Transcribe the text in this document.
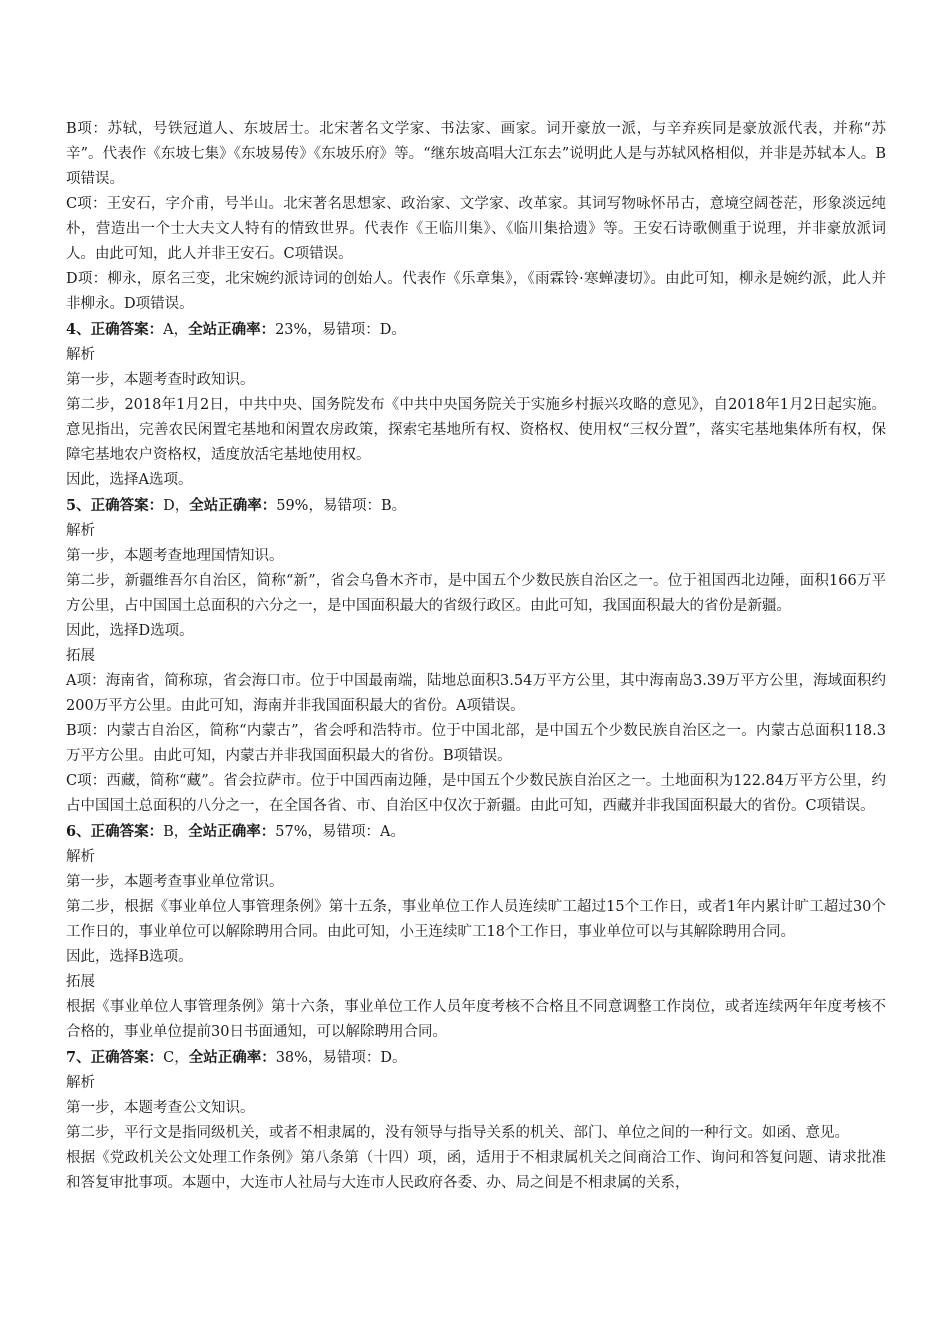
B项：苏轼，号铁冠道人、东坡居士。北宋著名文学家、书法家、画家。词开豪放一派，与辛弃疾同是豪放派代表，并称“苏辛”。代表作《东坡七集》《东坡易传》《东坡乐府》等。“继东坡高唱大江东去”说明此人是与苏轼风格相似，并非是苏轼本人。B项错误。

C项：王安石，字介甫，号半山。北宋著名思想家、政治家、文学家、改革家。其词写物咏怀吊古，意境空阔苍茫，形象淡远纯朴，营造出一个士大夫文人特有的情致世界。代表作《王临川集》、《临川集拾遗》等。王安石诗歌侧重于说理，并非豪放派词人。由此可知，此人并非王安石。C项错误。

D项：柳永，原名三变，北宋婉约派诗词的创始人。代表作《乐章集》，《雨霖铃·寒蝉凄切》。由此可知，柳永是婉约派，此人并非柳永。D项错误。

4、正确答案：A，全站正确率：23%，易错项：D。

解析

第一步，本题考查时政知识。

第二步，2018年1月2日，中共中央、国务院发布《中共中央国务院关于实施乡村振兴攻略的意见》，自2018年1月2日起实施。意见指出，完善农民闲置宅基地和闲置农房政策，探索宅基地所有权、资格权、使用权“三权分置”，落实宅基地集体所有权，保障宅基地农户资格权，适度放活宅基地使用权。

因此，选择A选项。

5、正确答案：D，全站正确率：59%，易错项：B。

解析

第一步，本题考查地理国情知识。

第二步，新疆维吾尔自治区，简称“新”，省会乌鲁木齐市，是中国五个少数民族自治区之一。位于祖国西北边陲，面积166万平方公里，占中国国土总面积的六分之一，是中国面积最大的省级行政区。由此可知，我国面积最大的省份是新疆。

因此，选择D选项。

拓展

A项：海南省，简称琼，省会海口市。位于中国最南端，陆地总面积3.54万平方公里，其中海南岛3.39万平方公里，海域面积约200万平方公里。由此可知，海南并非我国面积最大的省份。A项错误。

B项：内蒙古自治区，简称“内蒙古”，省会呼和浩特市。位于中国北部，是中国五个少数民族自治区之一。内蒙古总面积118.3万平方公里。由此可知，内蒙古并非我国面积最大的省份。B项错误。

C项：西藏，简称“藏”。省会拉萨市。位于中国西南边陲，是中国五个少数民族自治区之一。土地面积为122.84万平方公里，约占中国国土总面积的八分之一，在全国各省、市、自治区中仅次于新疆。由此可知，西藏并非我国面积最大的省份。C项错误。

6、正确答案：B，全站正确率：57%，易错项：A。

解析

第一步，本题考查事业单位常识。

第二步，根据《事业单位人事管理条例》第十五条，事业单位工作人员连续旷工超过15个工作日，或者1年内累计旷工超过30个工作日的，事业单位可以解除聘用合同。由此可知，小王连续旷工18个工作日，事业单位可以与其解除聘用合同。

因此，选择B选项。

拓展

根据《事业单位人事管理条例》第十六条，事业单位工作人员年度考核不合格且不同意调整工作岗位，或者连续两年年度考核不合格的，事业单位提前30日书面通知，可以解除聘用合同。

7、正确答案：C，全站正确率：38%，易错项：D。

解析

第一步，本题考查公文知识。

第二步，平行文是指同级机关，或者不相隶属的，没有领导与指导关系的机关、部门、单位之间的一种行文。如函、意见。

根据《党政机关公文处理工作条例》第八条第（十四）项，函，适用于不相隶属机关之间商洽工作、询问和答复问题、请求批准和答复审批事项。本题中，大连市人社局与大连市人民政府各委、办、局之间是不相隶属的关系，
